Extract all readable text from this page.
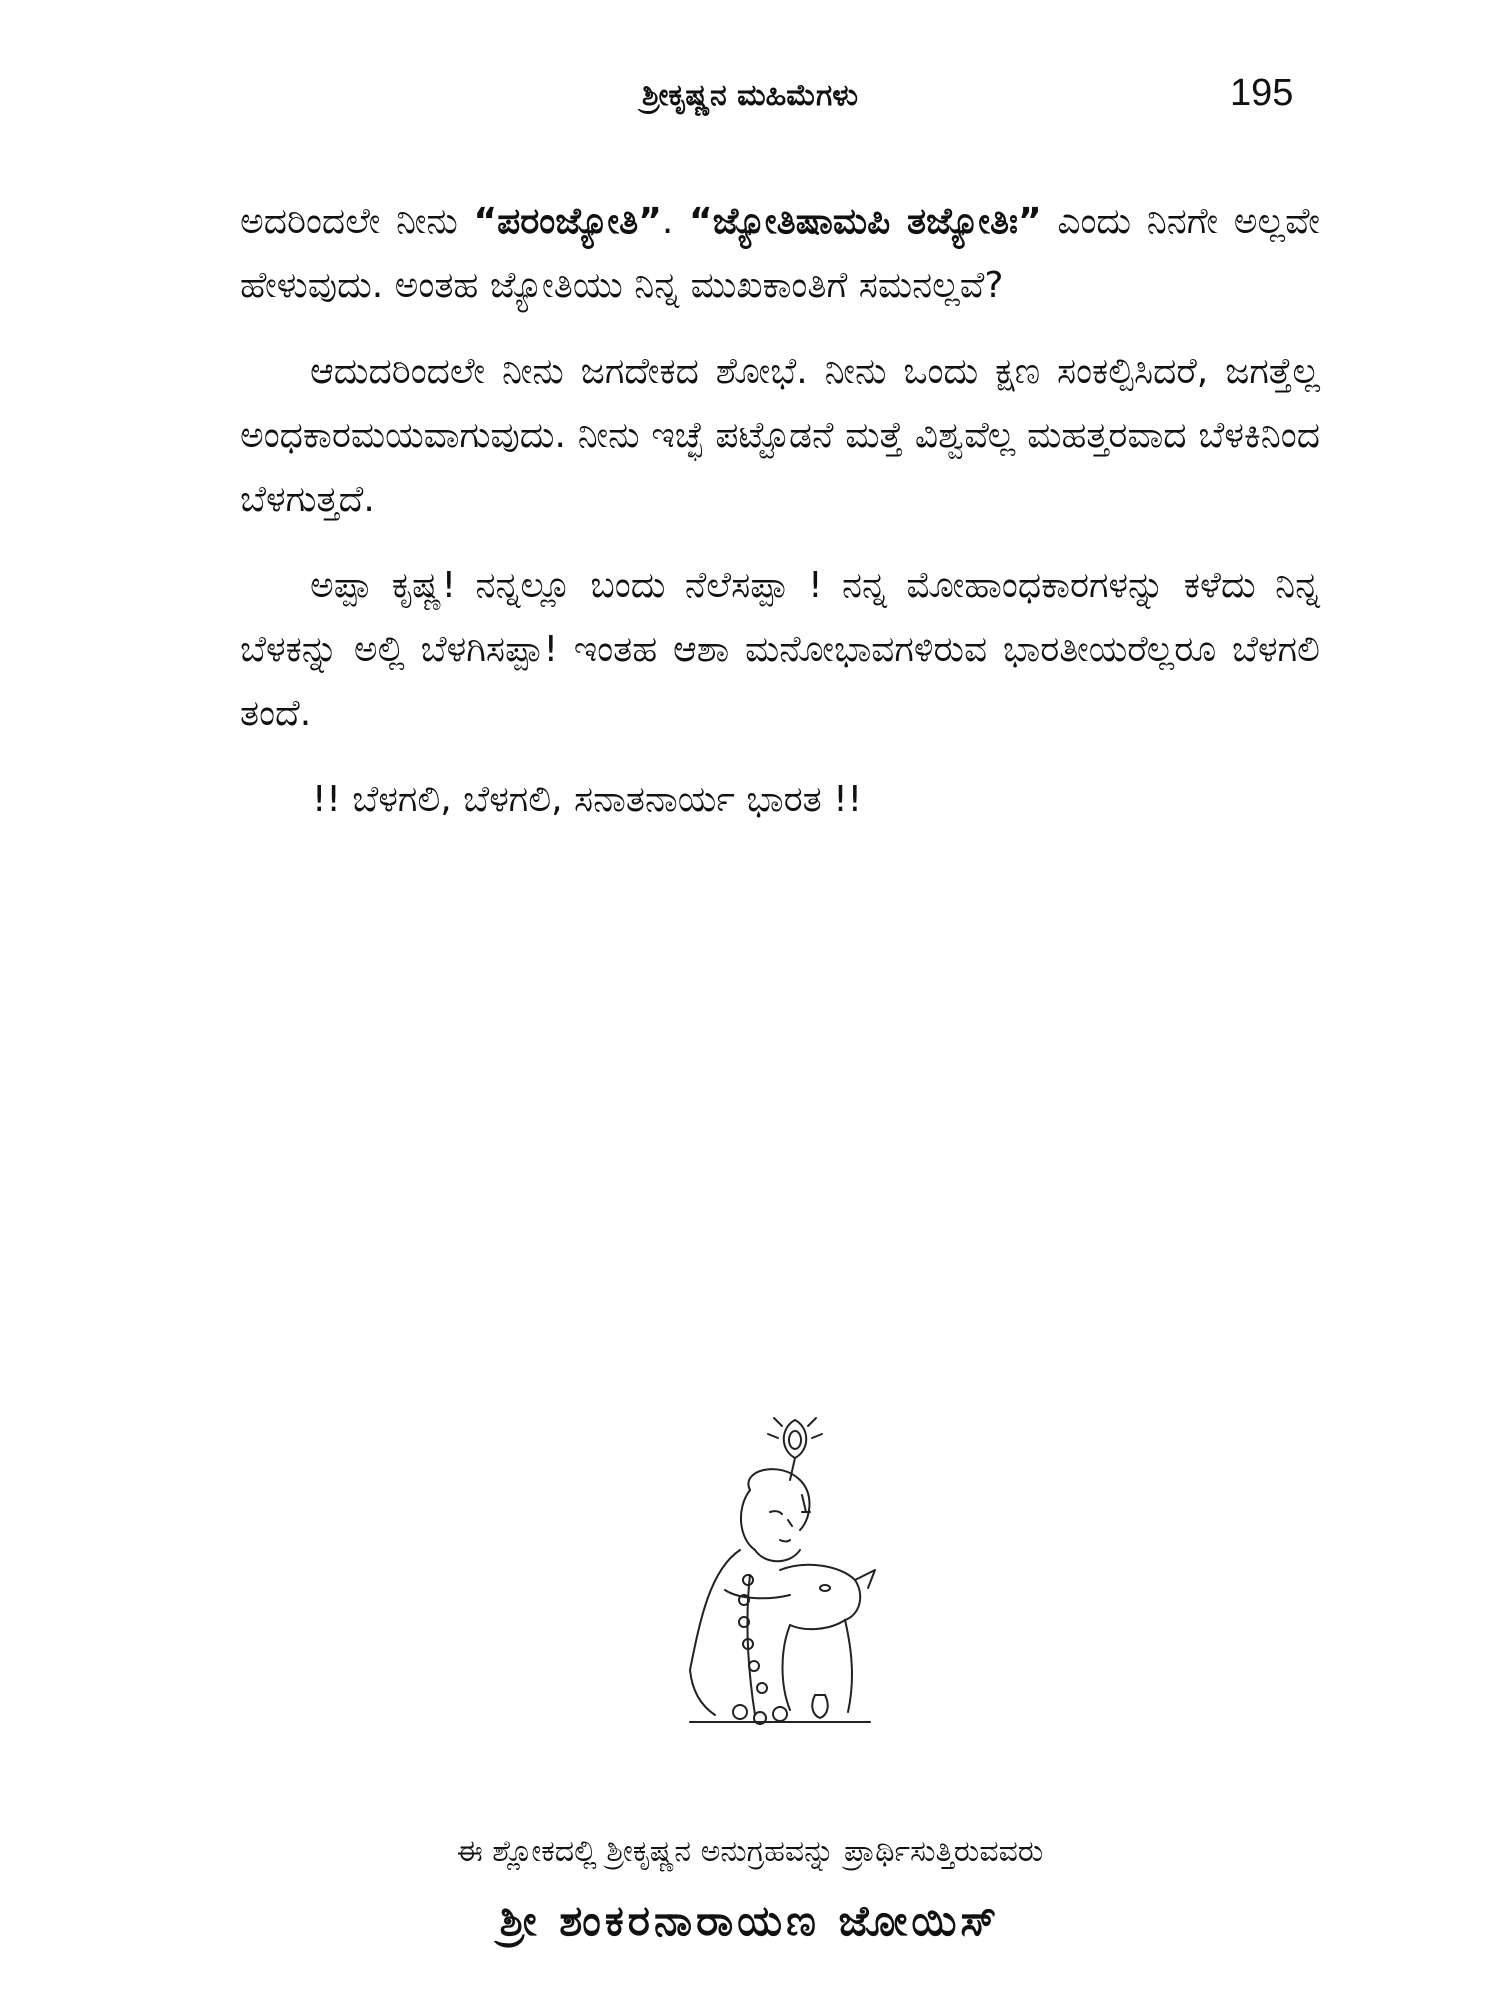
ಶ್ರೀಕೃಷ್ಣನ ಮಹಿಮೆಗಳು	195

ಅದರಿಂದಲೇ ನೀನು “ಪರಂಜ್ಯೋತಿ”. “ಜ್ಯೋತಿಷಾಮಪಿ ತಜ್ಯೋತಿಃ” ಎಂದು ನಿನಗೇ ಅಲ್ಲವೇ ಹೇಳುವುದು. ಅಂತಹ ಜ್ಯೋತಿಯು ನಿನ್ನ ಮುಖಕಾಂತಿಗೆ ಸಮನಲ್ಲವೆ?

ಆದುದರಿಂದಲೇ ನೀನು ಜಗದೇಕದ ಶೋಭೆ. ನೀನು ಒಂದು ಕ್ಷಣ ಸಂಕಲ್ಪಿಸಿದರೆ, ಜಗತ್ತೆಲ್ಲ ಅಂಧಕಾರಮಯವಾಗುವುದು. ನೀನು ಇಚ್ಛೆ ಪಟ್ಟೊಡನೆ ಮತ್ತೆ ವಿಶ್ವವೆಲ್ಲ ಮಹತ್ತರವಾದ ಬೆಳಕಿನಿಂದ ಬೆಳಗುತ್ತದೆ.

ಅಪ್ಪಾ ಕೃಷ್ಣ! ನನ್ನಲ್ಲೂ ಬಂದು ನೆಲೆಸಪ್ಪಾ ! ನನ್ನ ಮೋಹಾಂಧಕಾರಗಳನ್ನು ಕಳೆದು ನಿನ್ನ ಬೆಳಕನ್ನು ಅಲ್ಲಿ ಬೆಳಗಿಸಪ್ಪಾ! ಇಂತಹ ಆಶಾ ಮನೋಭಾವಗಳಿರುವ ಭಾರತೀಯರೆಲ್ಲರೂ ಬೆಳಗಲಿ ತಂದೆ.

!! ಬೆಳಗಲಿ, ಬೆಳಗಲಿ, ಸನಾತನಾರ್ಯ ಭಾರತ !!

ಈ ಶ್ಲೋಕದಲ್ಲಿ ಶ್ರೀಕೃಷ್ಣನ ಅನುಗ್ರಹವನ್ನು ಪ್ರಾರ್ಥಿಸುತ್ತಿರುವವರು
ಶ್ರೀ ಶಂಕರನಾರಾಯಣ ಜೋಯಿಸ್
